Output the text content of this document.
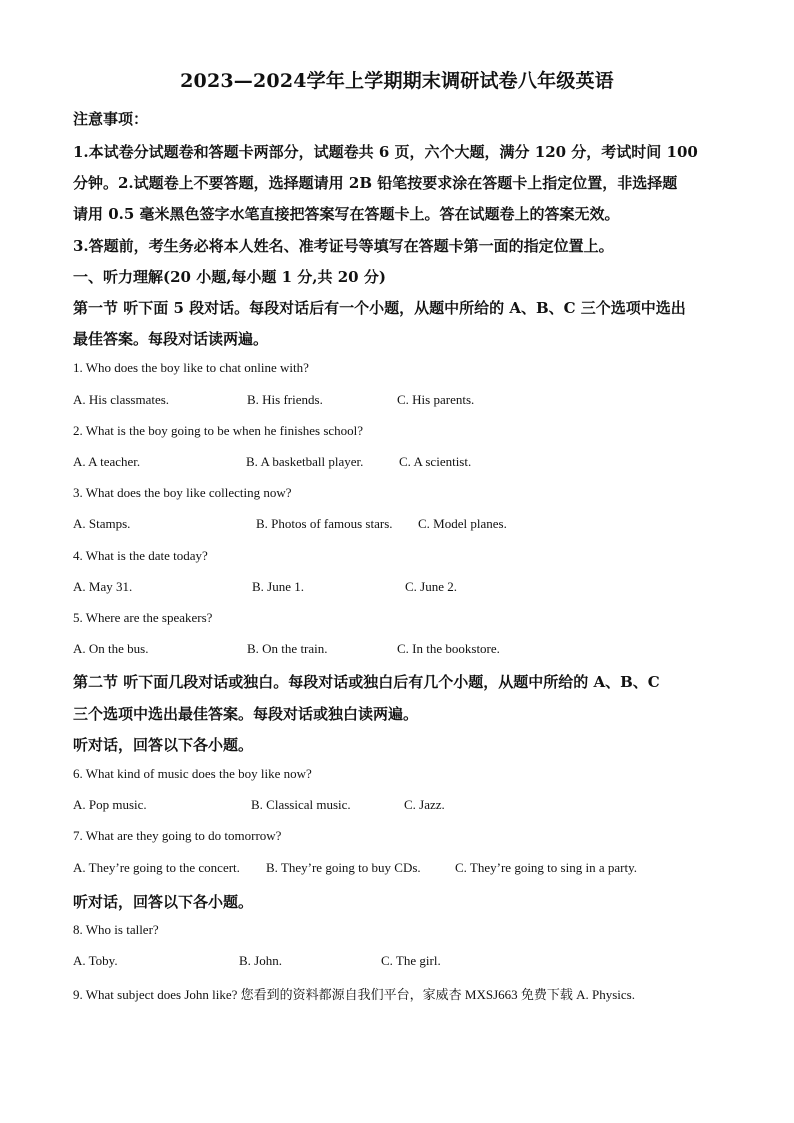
2023—2024学年上学期期末调研试卷八年级英语
注意事项：
1.本试卷分试题卷和答题卡两部分，试题卷共 6 页，六个大题，满分 120 分，考试时间 100
分钟。2.试题卷上不要答题，选择题请用 2B 铅笔按要求涂在答题卡上指定位置，非选择题
请用 0.5 毫米黑色签字水笔直接把答案写在答题卡上。答在试题卷上的答案无效。
3.答题前，考生务必将本人姓名、准考证号等填写在答题卡第一面的指定位置上。
一、听力理解(20 小题,每小题 1 分,共 20 分)
第一节 听下面 5 段对话。每段对话后有一个小题，从题中所给的 A、B、C 三个选项中选出
最佳答案。每段对话读两遍。
1. Who does the boy like to chat online with?
A. His classmates.	B. His friends.	C. His parents.
2. What is the boy going to be when he finishes school?
A. A teacher.	B. A basketball player.	C. A scientist.
3. What does the boy like collecting now?
A. Stamps.	B. Photos of famous stars. C. Model planes.
4. What is the date today?
A. May 31.	B. June 1.	C. June 2.
5. Where are the speakers?
A. On the bus.	B. On the train.	C. In the bookstore.
第二节 听下面几段对话或独白。每段对话或独白后有几个小题，从题中所给的 A、B、C
三个选项中选出最佳答案。每段对话或独白读两遍。
听对话，回答以下各小题。
6. What kind of music does the boy like now?
A. Pop music.	B. Classical music.	C. Jazz.
7. What are they going to do tomorrow?
A. They’re going to the concert. B. They’re going to buy CDs.	C. They’re going to sing in a party.
听对话，回答以下各小题。
8. Who is taller?
A. Toby.	B. John.	C. The girl.
9. What subject does John like? 您看到的资料都源自我们平台，家威杏 MXSJ663 免费下载 A. Physics.
